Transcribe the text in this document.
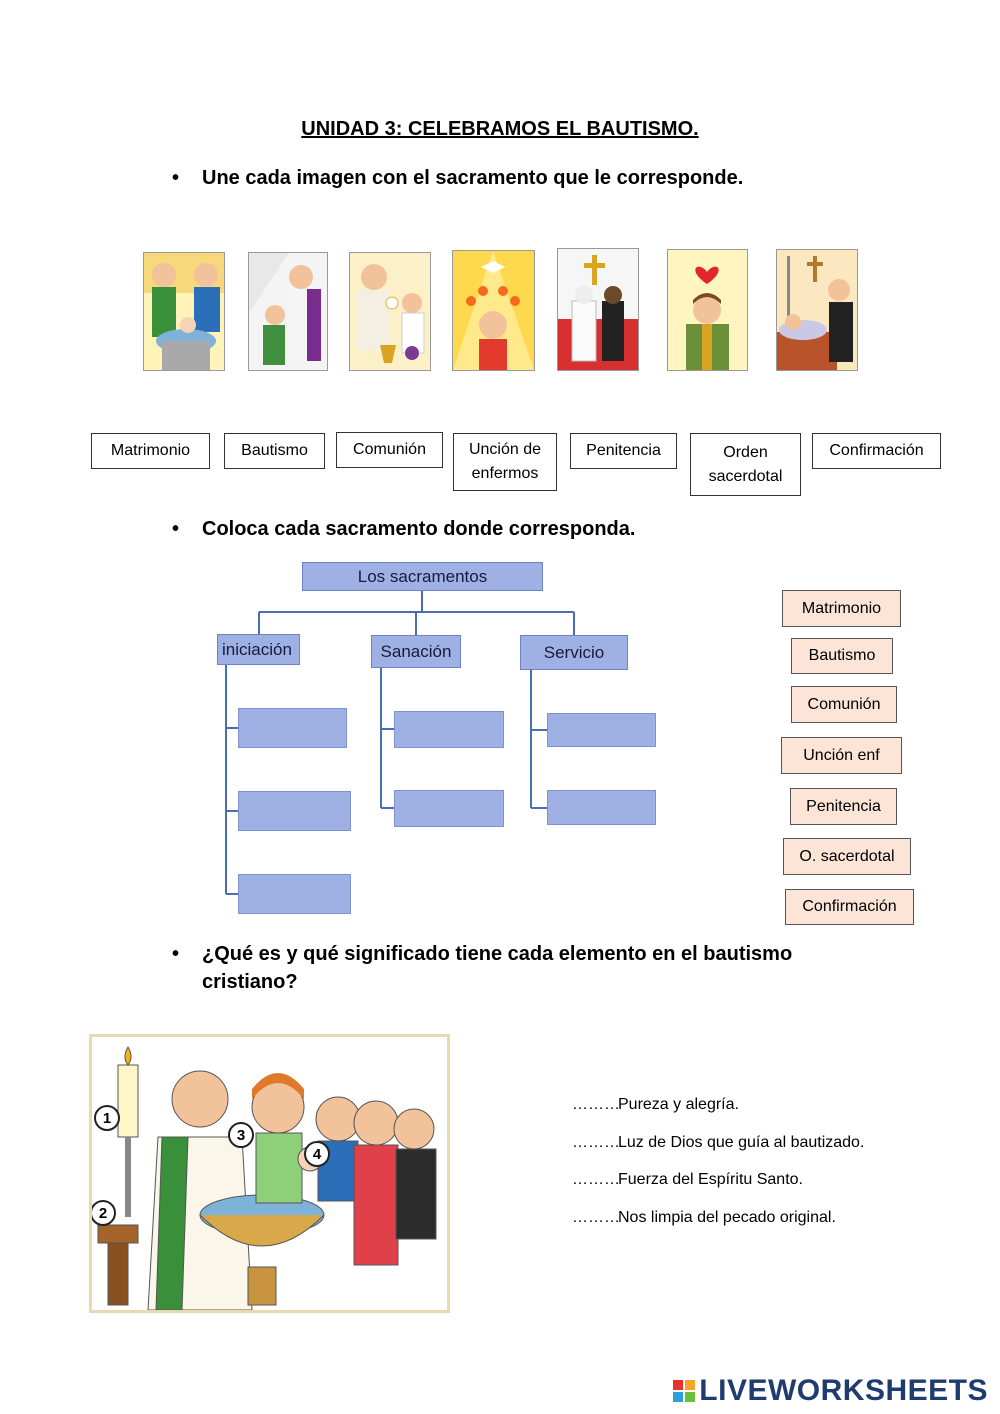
UNIDAD 3: CELEBRAMOS EL BAUTISMO.
• Une cada imagen con el sacramento que le corresponde.
Matrimonio	Bautismo	Comunión	Unción de
enfermos
Penitencia	Orden
sacerdotal
Confirmación
• Coloca cada sacramento donde corresponda.
Los sacramentos
iniciación	Sanación	Servicio
Matrimonio
Bautismo
Comunión
Unción enf
Penitencia
O. sacerdotal
Confirmación
• ¿Qué es y qué significado tiene cada elemento en el bautismo cristiano?
1
2
3
4
………Pureza y alegría.
………Luz de Dios que guía al bautizado.
………Fuerza del Espíritu Santo.
………Nos limpia del pecado original.
LIVEWORKSHEETS
